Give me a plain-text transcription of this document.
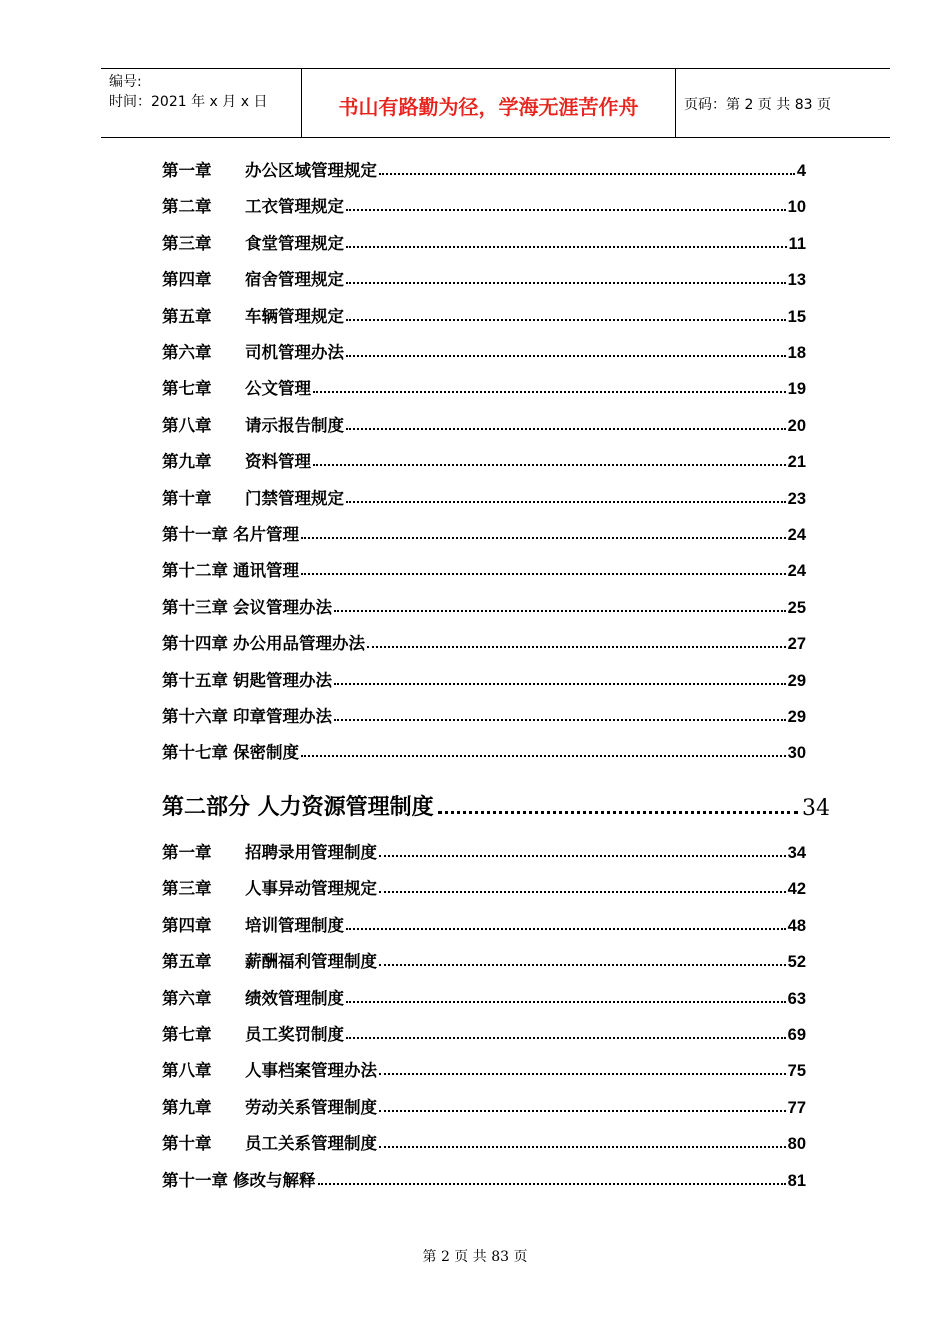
编号:
时间：2021 年 x 月 x 日	书山有路勤为径，学海无涯苦作舟	页码：第 2 页 共 83 页
第一章	办公区域管理规定	4
第二章	工衣管理规定	10
第三章	食堂管理规定	11
第四章	宿舍管理规定	13
第五章	车辆管理规定	15
第六章	司机管理办法	18
第七章	公文管理	19
第八章	请示报告制度	20
第九章	资料管理	21
第十章	门禁管理规定	23
第十一章 名片管理	24
第十二章 通讯管理	24
第十三章 会议管理办法	25
第十四章 办公用品管理办法	27
第十五章 钥匙管理办法	29
第十六章 印章管理办法	29
第十七章 保密制度	30
第二部分 人力资源管理制度	34
第一章	招聘录用管理制度	34
第三章	人事异动管理规定	42
第四章	培训管理制度	48
第五章	薪酬福利管理制度	52
第六章	绩效管理制度	63
第七章	员工奖罚制度	69
第八章	人事档案管理办法	75
第九章	劳动关系管理制度	77
第十章	员工关系管理制度	80
第十一章 修改与解释	81
第 2 页 共 83 页
